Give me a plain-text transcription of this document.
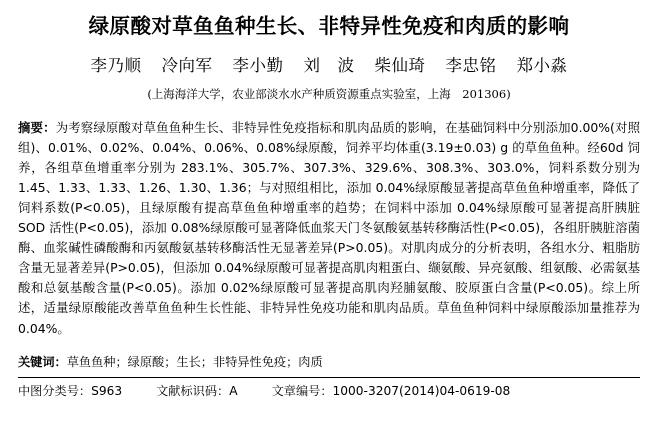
绿原酸对草鱼鱼种生长、非特异性免疫和肉质的影响
李乃顺 冷向军 李小勤 刘　波 柴仙琦 李忠铭 郑小淼
(上海海洋大学，农业部淡水水产种质资源重点实验室，上海　201306)
摘要：为考察绿原酸对草鱼鱼种生长、非特异性免疫指标和肌肉品质的影响，在基础饲料中分别添加0.00%(对照组)、0.01%、0.02%、0.04%、0.06%、0.08%绿原酸，饲养平均体重(3.19±0.03) g 的草鱼鱼种。经60d 饲养，各组草鱼增重率分别为 283.1%、305.7%、307.3%、329.6%、308.3%、303.0%，饲料系数分别为1.45、1.33、1.33、1.26、1.30、1.36；与对照组相比，添加 0.04%绿原酸显著提高草鱼鱼种增重率，降低了饲料系数(P<0.05)，且绿原酸有提高草鱼鱼种增重率的趋势；在饲料中添加 0.04%绿原酸可显著提高肝胰脏 SOD 活性(P<0.05)，添加 0.08%绿原酸可显著降低血浆天门冬氨酸氨基转移酶活性(P<0.05)，各组肝胰脏溶菌酶、血浆碱性磷酸酶和丙氨酸氨基转移酶活性无显著差异(P>0.05)。对肌肉成分的分析表明，各组水分、粗脂肪含量无显著差异(P>0.05)，但添加 0.04%绿原酸可显著提高肌肉粗蛋白、缬氨酸、异亮氨酸、组氨酸、必需氨基酸和总氨基酸含量(P<0.05)。添加 0.02%绿原酸可显著提高肌肉羟脯氨酸、胶原蛋白含量(P<0.05)。综上所述，适量绿原酸能改善草鱼鱼种生长性能、非特异性免疫功能和肌肉品质。草鱼鱼种饲料中绿原酸添加量推荐为 0.04%。
关键词：草鱼鱼种；绿原酸；生长；非特异性免疫；肉质
中图分类号：S963	文献标识码：A	文章编号：1000-3207(2014)04-0619-08
